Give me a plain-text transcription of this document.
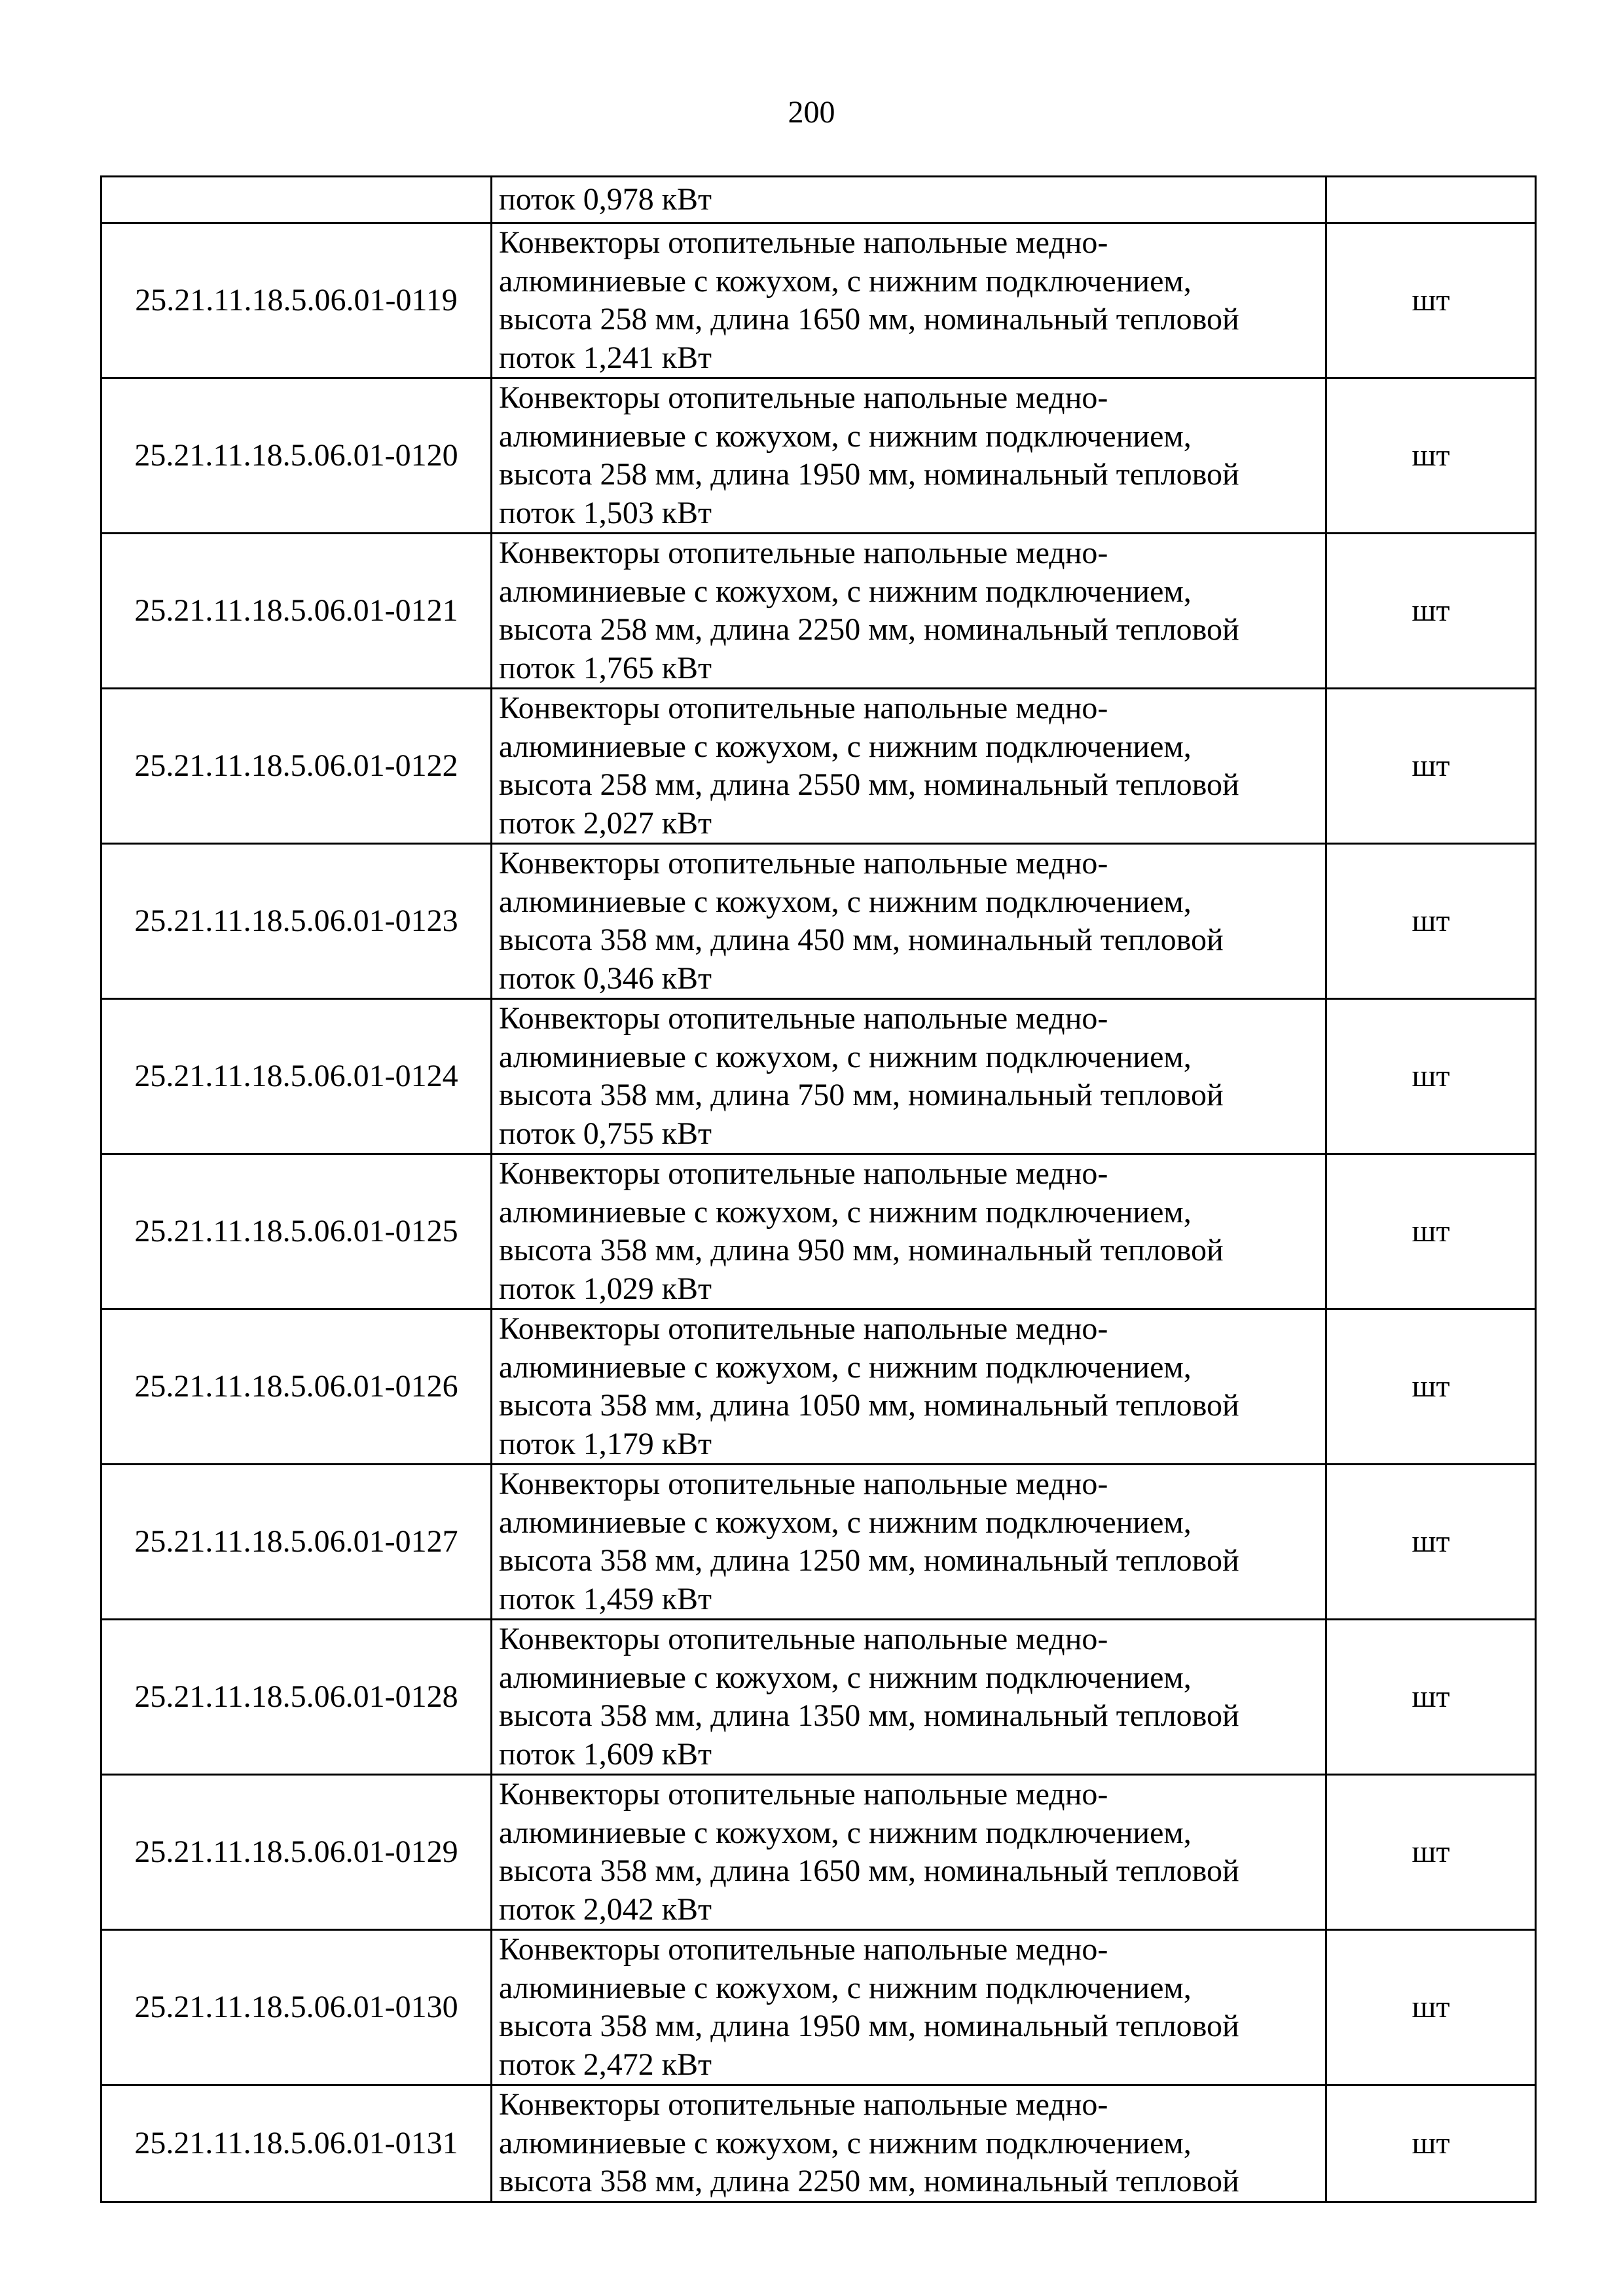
200
	поток 0,978 кВт	
25.21.11.18.5.06.01-0119	Конвекторы отопительные напольные медно-
алюминиевые с кожухом, с нижним подключением,
высота 258 мм, длина 1650 мм, номинальный тепловой
поток 1,241 кВт	шт
25.21.11.18.5.06.01-0120	Конвекторы отопительные напольные медно-
алюминиевые с кожухом, с нижним подключением,
высота 258 мм, длина 1950 мм, номинальный тепловой
поток 1,503 кВт	шт
25.21.11.18.5.06.01-0121	Конвекторы отопительные напольные медно-
алюминиевые с кожухом, с нижним подключением,
высота 258 мм, длина 2250 мм, номинальный тепловой
поток 1,765 кВт	шт
25.21.11.18.5.06.01-0122	Конвекторы отопительные напольные медно-
алюминиевые с кожухом, с нижним подключением,
высота 258 мм, длина 2550 мм, номинальный тепловой
поток 2,027 кВт	шт
25.21.11.18.5.06.01-0123	Конвекторы отопительные напольные медно-
алюминиевые с кожухом, с нижним подключением,
высота 358 мм, длина 450 мм, номинальный тепловой
поток 0,346 кВт	шт
25.21.11.18.5.06.01-0124	Конвекторы отопительные напольные медно-
алюминиевые с кожухом, с нижним подключением,
высота 358 мм, длина 750 мм, номинальный тепловой
поток 0,755 кВт	шт
25.21.11.18.5.06.01-0125	Конвекторы отопительные напольные медно-
алюминиевые с кожухом, с нижним подключением,
высота 358 мм, длина 950 мм, номинальный тепловой
поток 1,029 кВт	шт
25.21.11.18.5.06.01-0126	Конвекторы отопительные напольные медно-
алюминиевые с кожухом, с нижним подключением,
высота 358 мм, длина 1050 мм, номинальный тепловой
поток 1,179 кВт	шт
25.21.11.18.5.06.01-0127	Конвекторы отопительные напольные медно-
алюминиевые с кожухом, с нижним подключением,
высота 358 мм, длина 1250 мм, номинальный тепловой
поток 1,459 кВт	шт
25.21.11.18.5.06.01-0128	Конвекторы отопительные напольные медно-
алюминиевые с кожухом, с нижним подключением,
высота 358 мм, длина 1350 мм, номинальный тепловой
поток 1,609 кВт	шт
25.21.11.18.5.06.01-0129	Конвекторы отопительные напольные медно-
алюминиевые с кожухом, с нижним подключением,
высота 358 мм, длина 1650 мм, номинальный тепловой
поток 2,042 кВт	шт
25.21.11.18.5.06.01-0130	Конвекторы отопительные напольные медно-
алюминиевые с кожухом, с нижним подключением,
высота 358 мм, длина 1950 мм, номинальный тепловой
поток 2,472 кВт	шт
25.21.11.18.5.06.01-0131	Конвекторы отопительные напольные медно-
алюминиевые с кожухом, с нижним подключением,
высота 358 мм, длина 2250 мм, номинальный тепловой	шт
